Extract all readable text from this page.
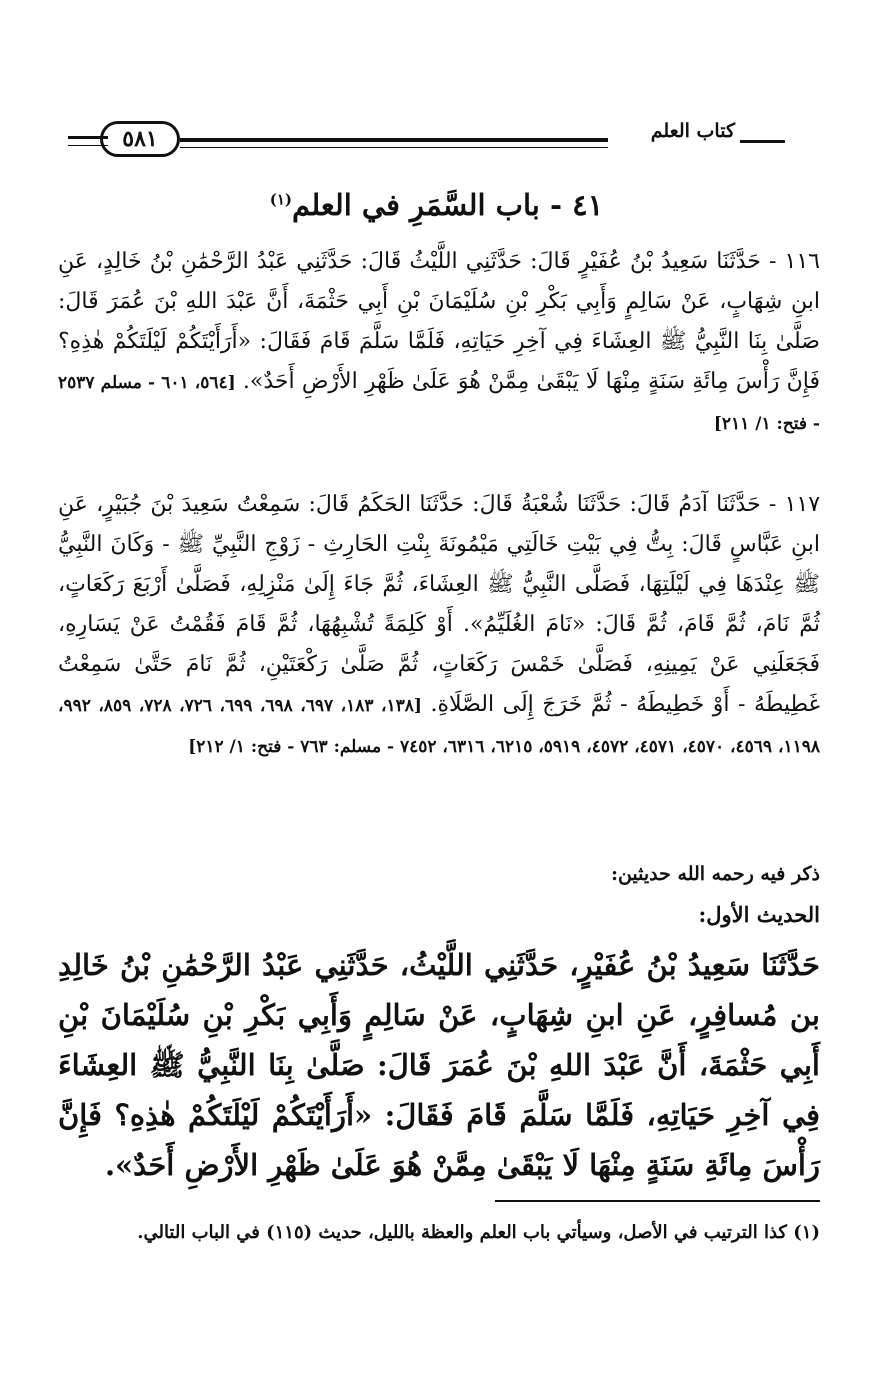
٥٨١	كتاب العلم
٤١ - باب السَّمَرِ في العلم$^{(١)}$
١١٦ - حَدَّثَنَا سَعِيدُ بْنُ عُفَيْرٍ قَالَ: حَدَّثَنِي اللَّيْثُ قَالَ: حَدَّثَنِي عَبْدُ الرَّحْمَٰنِ بْنُ خَالِدٍ، عَنِ ابنِ شِهَابٍ، عَنْ سَالِمٍ وَأَبِي بَكْرِ بْنِ سُلَيْمَانَ بْنِ أَبِي حَثْمَةَ، أَنَّ عَبْدَ اللهِ بْنَ عُمَرَ قَالَ: صَلَّىٰ بِنَا النَّبِيُّ ﷺ العِشَاءَ فِي آخِرِ حَيَاتِهِ، فَلَمَّا سَلَّمَ قَامَ فَقَالَ: «أَرَأَيْتَكُمْ لَيْلَتَكُمْ هٰذِهِ؟ فَإِنَّ رَأْسَ مِائَةِ سَنَةٍ مِنْهَا لَا يَبْقَىٰ مِمَّنْ هُوَ عَلَىٰ ظَهْرِ الأَرْضِ أَحَدٌ». [٥٦٤، ٦٠١ - مسلم ٢٥٣٧ - فتح: ١/ ٢١١]
١١٧ - حَدَّثَنَا آدَمُ قَالَ: حَدَّثَنَا شُعْبَةُ قَالَ: حَدَّثَنَا الحَكَمُ قَالَ: سَمِعْتُ سَعِيدَ بْنَ جُبَيْرٍ، عَنِ ابنِ عَبَّاسٍ قَالَ: بِتُّ فِي بَيْتِ خَالَتِي مَيْمُونَةَ بِنْتِ الحَارِثِ - زَوْجِ النَّبِيِّ ﷺ - وَكَانَ النَّبِيُّ ﷺ عِنْدَهَا فِي لَيْلَتِهَا، فَصَلَّى النَّبِيُّ ﷺ العِشَاءَ، ثُمَّ جَاءَ إِلَىٰ مَنْزِلِهِ، فَصَلَّىٰ أَرْبَعَ رَكَعَاتٍ، ثُمَّ نَامَ، ثُمَّ قَامَ، ثُمَّ قَالَ: «نَامَ الغُلَيِّمُ». أَوْ كَلِمَةً تُشْبِهُهَا، ثُمَّ قَامَ فَقُمْتُ عَنْ يَسَارِهِ، فَجَعَلَنِي عَنْ يَمِينِهِ، فَصَلَّىٰ خَمْسَ رَكَعَاتٍ، ثُمَّ صَلَّىٰ رَكْعَتَيْنِ، ثُمَّ نَامَ حَتَّىٰ سَمِعْتُ غَطِيطَهُ - أَوْ خَطِيطَهُ - ثُمَّ خَرَجَ إِلَى الصَّلَاةِ. [١٣٨، ١٨٣، ٦٩٧، ٦٩٨، ٦٩٩، ٧٢٦، ٧٢٨، ٨٥٩، ٩٩٢، ١١٩٨، ٤٥٦٩، ٤٥٧٠، ٤٥٧١، ٤٥٧٢، ٥٩١٩، ٦٢١٥، ٦٣١٦، ٧٤٥٢ - مسلم: ٧٦٣ - فتح: ١/ ٢١٢]
ذكر فيه رحمه الله حديثين:
الحديث الأول:
حَدَّثَنَا سَعِيدُ بْنُ عُفَيْرٍ، حَدَّثَنِي اللَّيْثُ، حَدَّثَنِي عَبْدُ الرَّحْمَٰنِ بْنُ خَالِدِ بن مُسافِرٍ، عَنِ ابنِ شِهَابٍ، عَنْ سَالِمٍ وَأَبِي بَكْرِ بْنِ سُلَيْمَانَ بْنِ أَبِي حَثْمَةَ، أَنَّ عَبْدَ اللهِ بْنَ عُمَرَ قَالَ: صَلَّىٰ بِنَا النَّبِيُّ ﷺ العِشَاءَ فِي آخِرِ حَيَاتِهِ، فَلَمَّا سَلَّمَ قَامَ فَقَالَ: «أَرَأَيْتَكُمْ لَيْلَتَكُمْ هٰذِهِ؟ فَإِنَّ رَأْسَ مِائَةِ سَنَةٍ مِنْهَا لَا يَبْقَىٰ مِمَّنْ هُوَ عَلَىٰ ظَهْرِ الأَرْضِ أَحَدٌ».
(١) كذا الترتيب في الأصل، وسيأتي باب العلم والعظة بالليل، حديث (١١٥) في الباب التالي.
